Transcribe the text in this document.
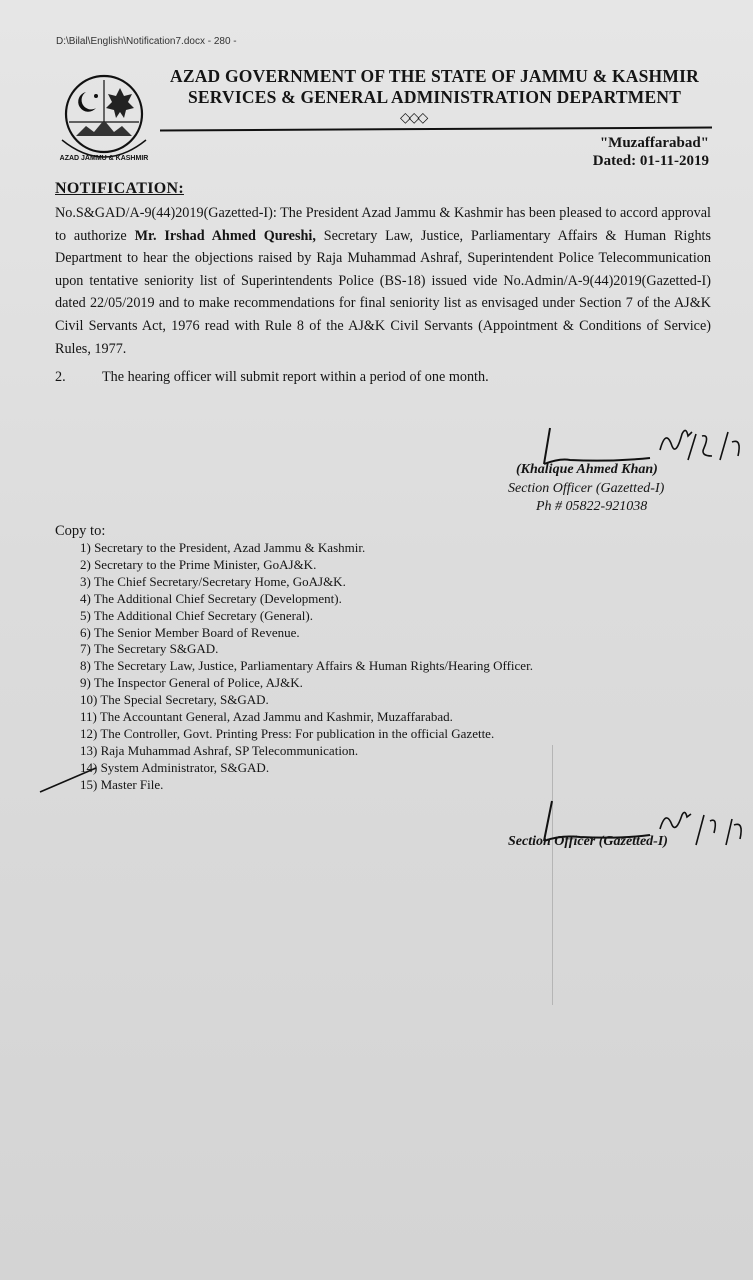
D:\Bilal\English\Notification7.docx - 280 -
AZAD JAMMU & KASHMIR
AZAD GOVERNMENT OF THE STATE OF JAMMU & KASHMIR
SERVICES & GENERAL ADMINISTRATION DEPARTMENT
◇◇◇
"Muzaffarabad"
Dated: 01-11-2019
NOTIFICATION:
No.S&GAD/A-9(44)2019(Gazetted-I): The President Azad Jammu & Kashmir has been pleased to accord approval to authorize Mr. Irshad Ahmed Qureshi, Secretary Law, Justice, Parliamentary Affairs & Human Rights Department to hear the objections raised by Raja Muhammad Ashraf, Superintendent Police Telecommunication upon tentative seniority list of Superintendents Police (BS-18) issued vide No.Admin/A-9(44)2019(Gazetted-I) dated 22/05/2019 and to make recommendations for final seniority list as envisaged under Section 7 of the AJ&K Civil Servants Act, 1976 read with Rule 8 of the AJ&K Civil Servants (Appointment & Conditions of Service) Rules, 1977.
2.	The hearing officer will submit report within a period of one month.
(Khalique Ahmed Khan)
Section Officer (Gazetted-I)
Ph # 05822-921038
Copy to:
1) Secretary to the President, Azad Jammu & Kashmir.
2) Secretary to the Prime Minister, GoAJ&K.
3) The Chief Secretary/Secretary Home, GoAJ&K.
4) The Additional Chief Secretary (Development).
5) The Additional Chief Secretary (General).
6) The Senior Member Board of Revenue.
7) The Secretary S&GAD.
8) The Secretary Law, Justice, Parliamentary Affairs & Human Rights/Hearing Officer.
9) The Inspector General of Police, AJ&K.
10) The Special Secretary, S&GAD.
11) The Accountant General, Azad Jammu and Kashmir, Muzaffarabad.
12) The Controller, Govt. Printing Press: For publication in the official Gazette.
13) Raja Muhammad Ashraf, SP Telecommunication.
14) System Administrator, S&GAD.
15) Master File.
Section Officer (Gazetted-I)
